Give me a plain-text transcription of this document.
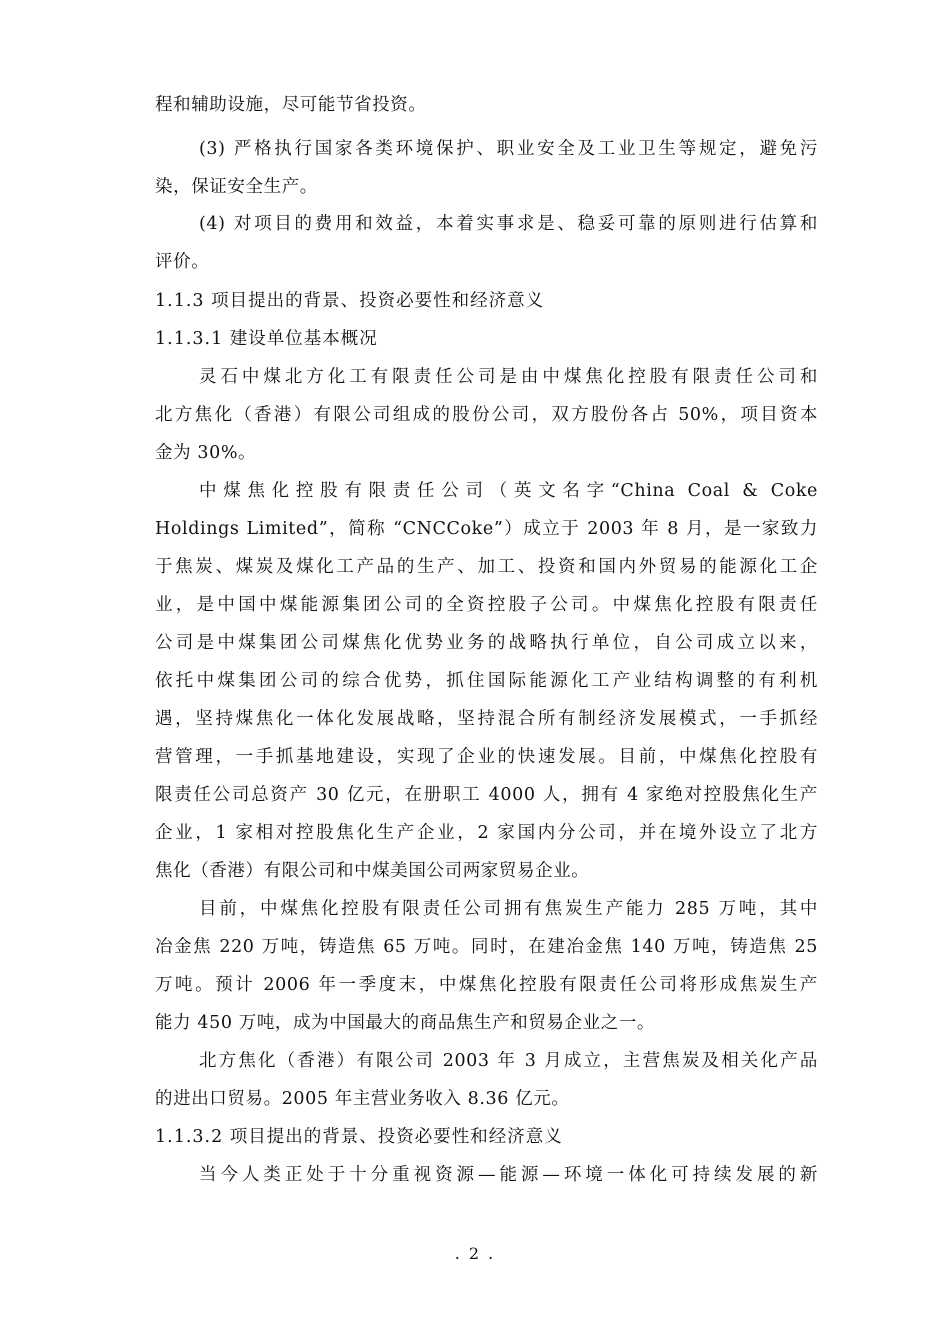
程和辅助设施，尽可能节省投资。
(3) 严格执行国家各类环境保护、职业安全及工业卫生等规定，避免污
染，保证安全生产。
(4) 对项目的费用和效益，本着实事求是、稳妥可靠的原则进行估算和
评价。
1.1.3 项目提出的背景、投资必要性和经济意义
1.1.3.1 建设单位基本概况
灵石中煤北方化工有限责任公司是由中煤焦化控股有限责任公司和
北方焦化（香港）有限公司组成的股份公司，双方股份各占 50%，项目资本
金为 30%。
中煤焦化控股有限责任公司（英文名字“China Coal & Coke
Holdings Limited”，简称 “CNCCoke”）成立于 2003 年 8 月，是一家致力
于焦炭、煤炭及煤化工产品的生产、加工、投资和国内外贸易的能源化工企
业，是中国中煤能源集团公司的全资控股子公司。中煤焦化控股有限责任
公司是中煤集团公司煤焦化优势业务的战略执行单位，自公司成立以来，
依托中煤集团公司的综合优势，抓住国际能源化工产业结构调整的有利机
遇，坚持煤焦化一体化发展战略，坚持混合所有制经济发展模式，一手抓经
营管理，一手抓基地建设，实现了企业的快速发展。目前，中煤焦化控股有
限责任公司总资产 30 亿元，在册职工 4000 人，拥有 4 家绝对控股焦化生产
企业，1 家相对控股焦化生产企业，2 家国内分公司，并在境外设立了北方
焦化（香港）有限公司和中煤美国公司两家贸易企业。
目前，中煤焦化控股有限责任公司拥有焦炭生产能力 285 万吨，其中
冶金焦 220 万吨，铸造焦 65 万吨。同时，在建冶金焦 140 万吨，铸造焦 25
万吨。预计 2006 年一季度末，中煤焦化控股有限责任公司将形成焦炭生产
能力 450 万吨，成为中国最大的商品焦生产和贸易企业之一。
北方焦化（香港）有限公司 2003 年 3 月成立，主营焦炭及相关化产品
的进出口贸易。2005 年主营业务收入 8.36 亿元。
1.1.3.2 项目提出的背景、投资必要性和经济意义
当今人类正处于十分重视资源—能源—环境一体化可持续发展的新
. 2 .
